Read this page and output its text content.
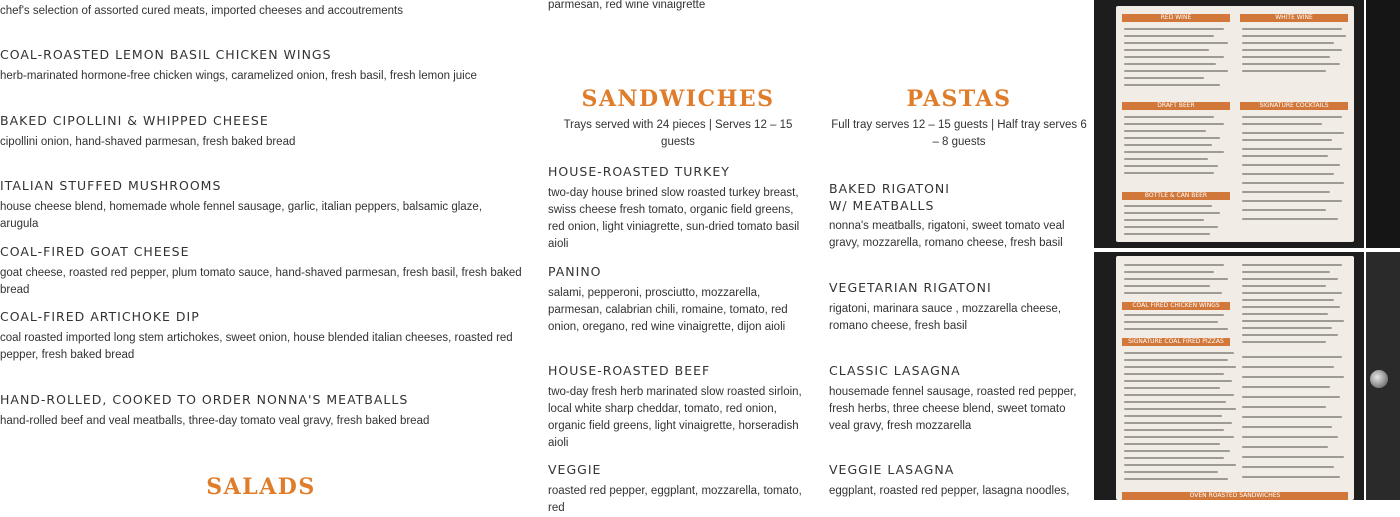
chef's selection of assorted cured meats, imported cheeses and accoutrements

COAL-ROASTED LEMON BASIL CHICKEN WINGS

herb-marinated hormone-free chicken wings, caramelized onion, fresh basil, fresh lemon juice

BAKED CIPOLLINI & WHIPPED CHEESE

cipollini onion, hand-shaved parmesan, fresh baked bread

ITALIAN STUFFED MUSHROOMS

house cheese blend, homemade whole fennel sausage, garlic, italian peppers, balsamic glaze, arugula

COAL-FIRED GOAT CHEESE

goat cheese, roasted red pepper, plum tomato sauce, hand-shaved parmesan, fresh basil, fresh baked bread

COAL-FIRED ARTICHOKE DIP

coal roasted imported long stem artichokes, sweet onion, house blended italian cheeses, roasted red pepper, fresh baked bread

HAND-ROLLED, COOKED TO ORDER NONNA'S MEATBALLS

hand-rolled beef and veal meatballs, three-day tomato veal gravy, fresh baked bread

SALADS

parmesan, red wine vinaigrette

SANDWICHES
Trays served with 24 pieces | Serves 12 – 15 guests
HOUSE-ROASTED TURKEY

two-day house brined slow roasted turkey breast, swiss cheese fresh tomato, organic field greens, red onion, light viniagrette, sun-dried tomato basil aioli

PANINO

salami, pepperoni, prosciutto, mozzarella, parmesan, calabrian chili, romaine, tomato, red onion, oregano, red wine vinaigrette, dijon aioli

HOUSE-ROASTED BEEF

two-day fresh herb marinated slow roasted sirloin, local white sharp cheddar, tomato, red onion, organic field greens, light vinaigrette, horseradish aioli

VEGGIE

roasted red pepper, eggplant, mozzarella, tomato, red

PASTAS
Full tray serves 12 – 15 guests | Half tray serves 6 – 8 guests
BAKED RIGATONI W/ MEATBALLS

nonna's meatballs, rigatoni, sweet tomato veal gravy, mozzarella, romano cheese, fresh basil

VEGETARIAN RIGATONI

rigatoni, marinara sauce , mozzarella cheese, romano cheese, fresh basil

CLASSIC LASAGNA

housemade fennel sausage, roasted red pepper, fresh herbs, three cheese blend, sweet tomato veal gravy, fresh mozzarella

VEGGIE LASAGNA

eggplant, roasted red pepper, lasagna noodles,

RED WINE	WHITE WINE
DRAFT BEER	SIGNATURE COCKTAILS
BOTTLE & CAN BEER
COAL FIRED CHICKEN WINGS
SIGNATURE COAL FIRED PIZZAS
OVEN ROASTED SANDWICHES
